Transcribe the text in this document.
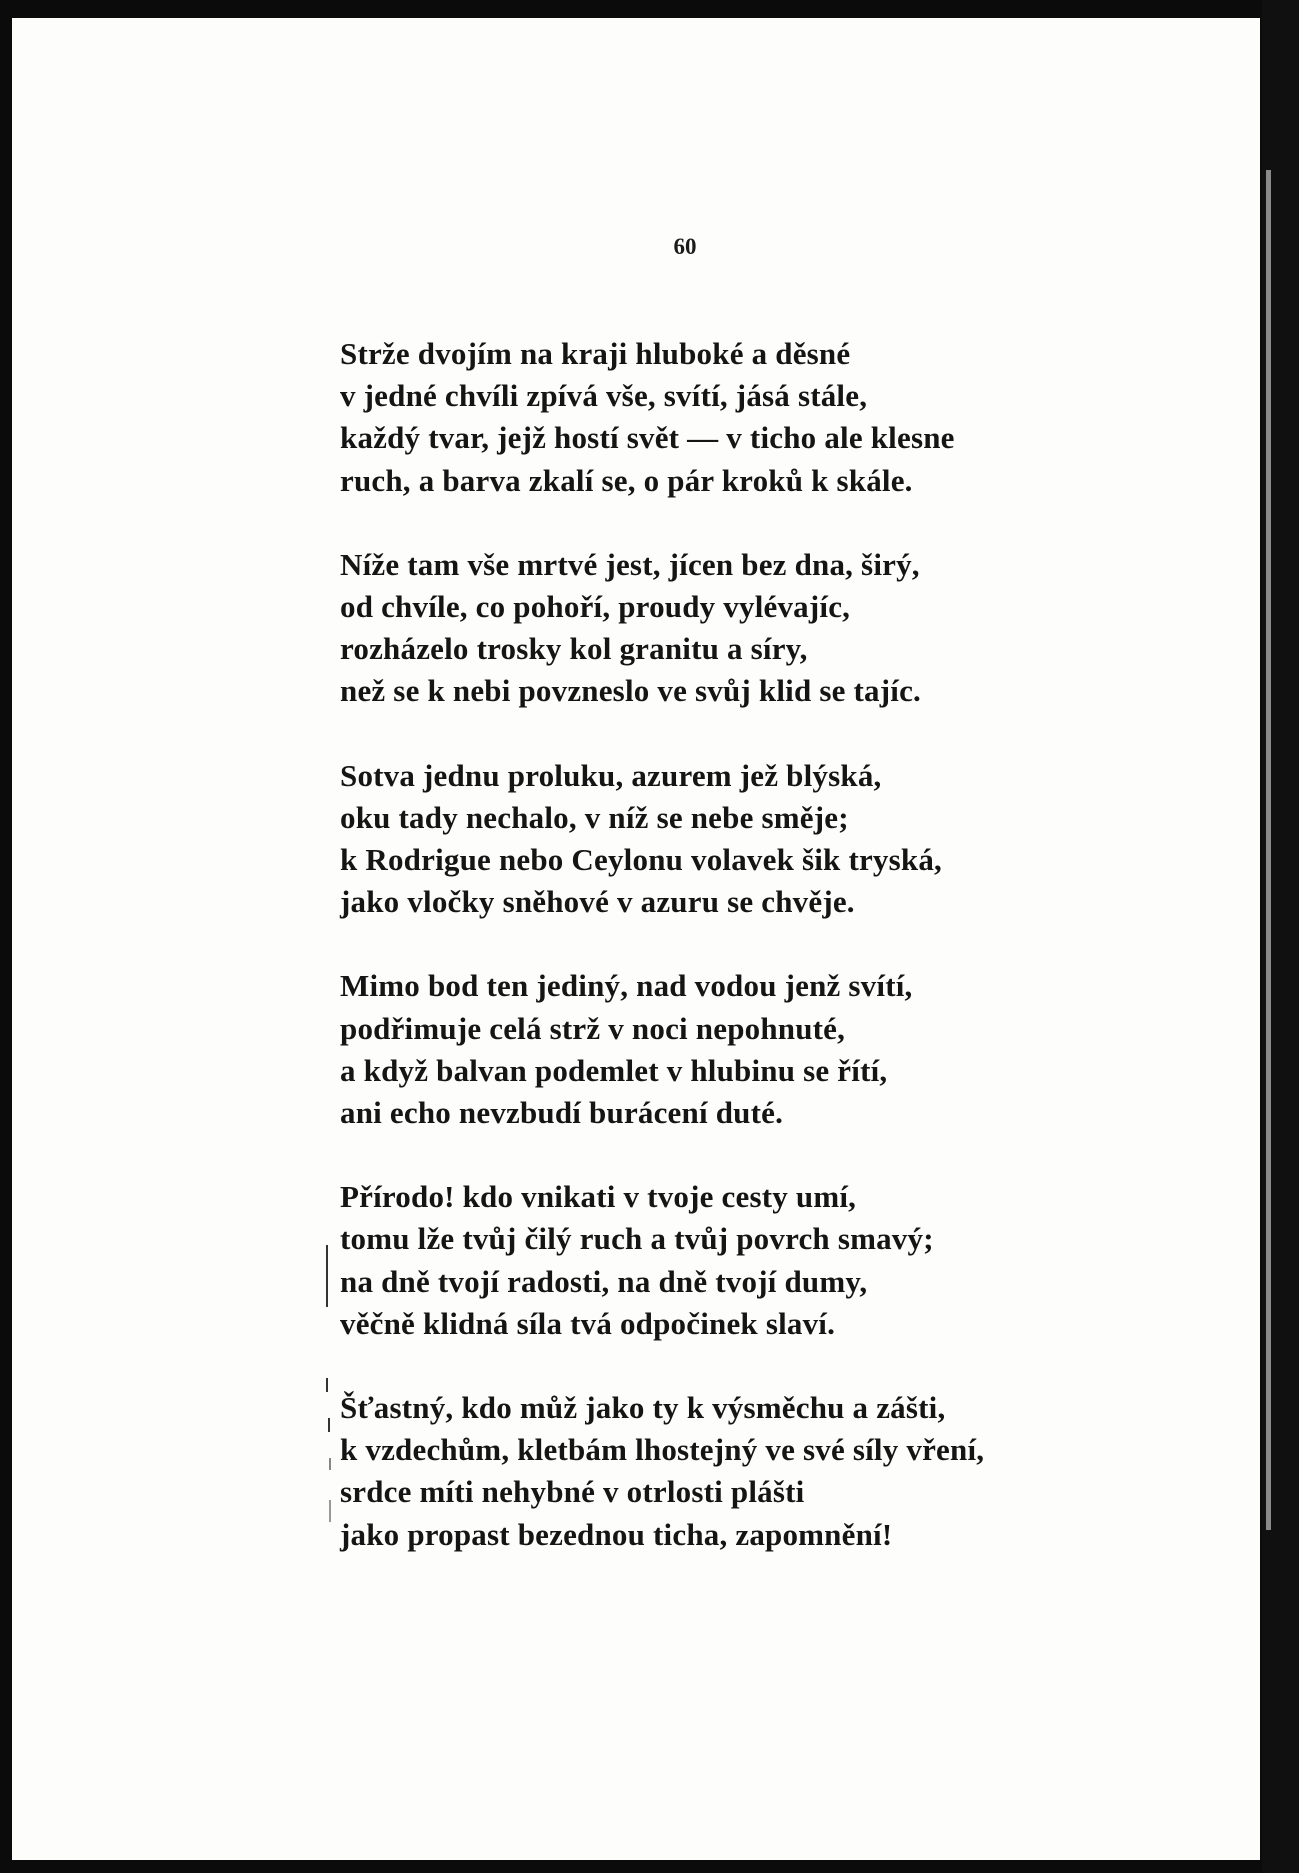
60

Strže dvojím na kraji hluboké a děsné
v jedné chvíli zpívá vše, svítí, jásá stále,
každý tvar, jejž hostí svět — v ticho ale klesne
ruch, a barva zkalí se, o pár kroků k skále.
Níže tam vše mrtvé jest, jícen bez dna, širý,
od chvíle, co pohoří, proudy vylévajíc,
rozházelo trosky kol granitu a síry,
než se k nebi povzneslo ve svůj klid se tajíc.
Sotva jednu proluku, azurem jež blýská,
oku tady nechalo, v níž se nebe směje;
k Rodrigue nebo Ceylonu volavek šik tryská,
jako vločky sněhové v azuru se chvěje.
Mimo bod ten jediný, nad vodou jenž svítí,
podřimuje celá strž v noci nepohnuté,
a když balvan podemlet v hlubinu se řítí,
ani echo nevzbudí burácení duté.
Přírodo! kdo vnikati v tvoje cesty umí,
tomu lže tvůj čilý ruch a tvůj povrch smavý;
na dně tvojí radosti, na dně tvojí dumy,
věčně klidná síla tvá odpočinek slaví.
Šťastný, kdo můž jako ty k výsměchu a zášti,
k vzdechům, kletbám lhostejný ve své síly vření,
srdce míti nehybné v otrlosti plášti
jako propast bezednou ticha, zapomnění!
